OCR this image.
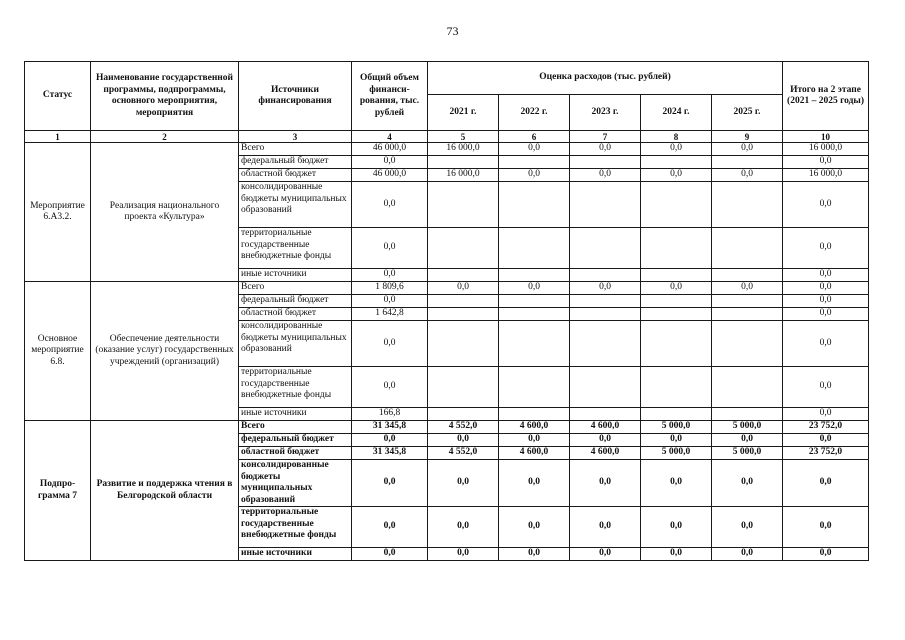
73
Статус	Наименование государственной программы, подпрограммы, основного мероприятия, мероприятия	Источники финансирования	Общий объем финанси-рования, тыс. рублей	Оценка расходов (тыс. рублей)					Итого на 2 этапе (2021 – 2025 годы)
				2021 г.	2022 г.	2023 г.	2024 г.	2025 г.	
1	2	3	4	5	6	7	8	9	10
Мероприятие 6.А3.2.	Реализация национального проекта «Культура»	Всего	46 000,0	16 000,0	0,0	0,0	0,0	0,0	16 000,0
		федеральный бюджет	0,0						0,0
		областной бюджет	46 000,0	16 000,0	0,0	0,0	0,0	0,0	16 000,0
		консолидированные бюджеты муниципальных образований	0,0						0,0
		территориальные государственные внебюджетные фонды	0,0						0,0
		иные источники	0,0						0,0
Основное мероприятие 6.8.	Обеспечение деятельности (оказание услуг) государственных учреждений (организаций)	Всего	1 809,6	0,0	0,0	0,0	0,0	0,0	0,0
		федеральный бюджет	0,0						0,0
		областной бюджет	1 642,8						0,0
		консолидированные бюджеты муниципальных образований	0,0						0,0
		территориальные государственные внебюджетные фонды	0,0						0,0
		иные источники	166,8						0,0
Подпро-грамма 7	Развитие и поддержка чтения в Белгородской области	Всего	31 345,8	4 552,0	4 600,0	4 600,0	5 000,0	5 000,0	23 752,0
		федеральный бюджет	0,0	0,0	0,0	0,0	0,0	0,0	0,0
		областной бюджет	31 345,8	4 552,0	4 600,0	4 600,0	5 000,0	5 000,0	23 752,0
		консолидированные бюджеты муниципальных образований	0,0	0,0	0,0	0,0	0,0	0,0	0,0
		территориальные государственные внебюджетные фонды	0,0	0,0	0,0	0,0	0,0	0,0	0,0
		иные источники	0,0	0,0	0,0	0,0	0,0	0,0	0,0
